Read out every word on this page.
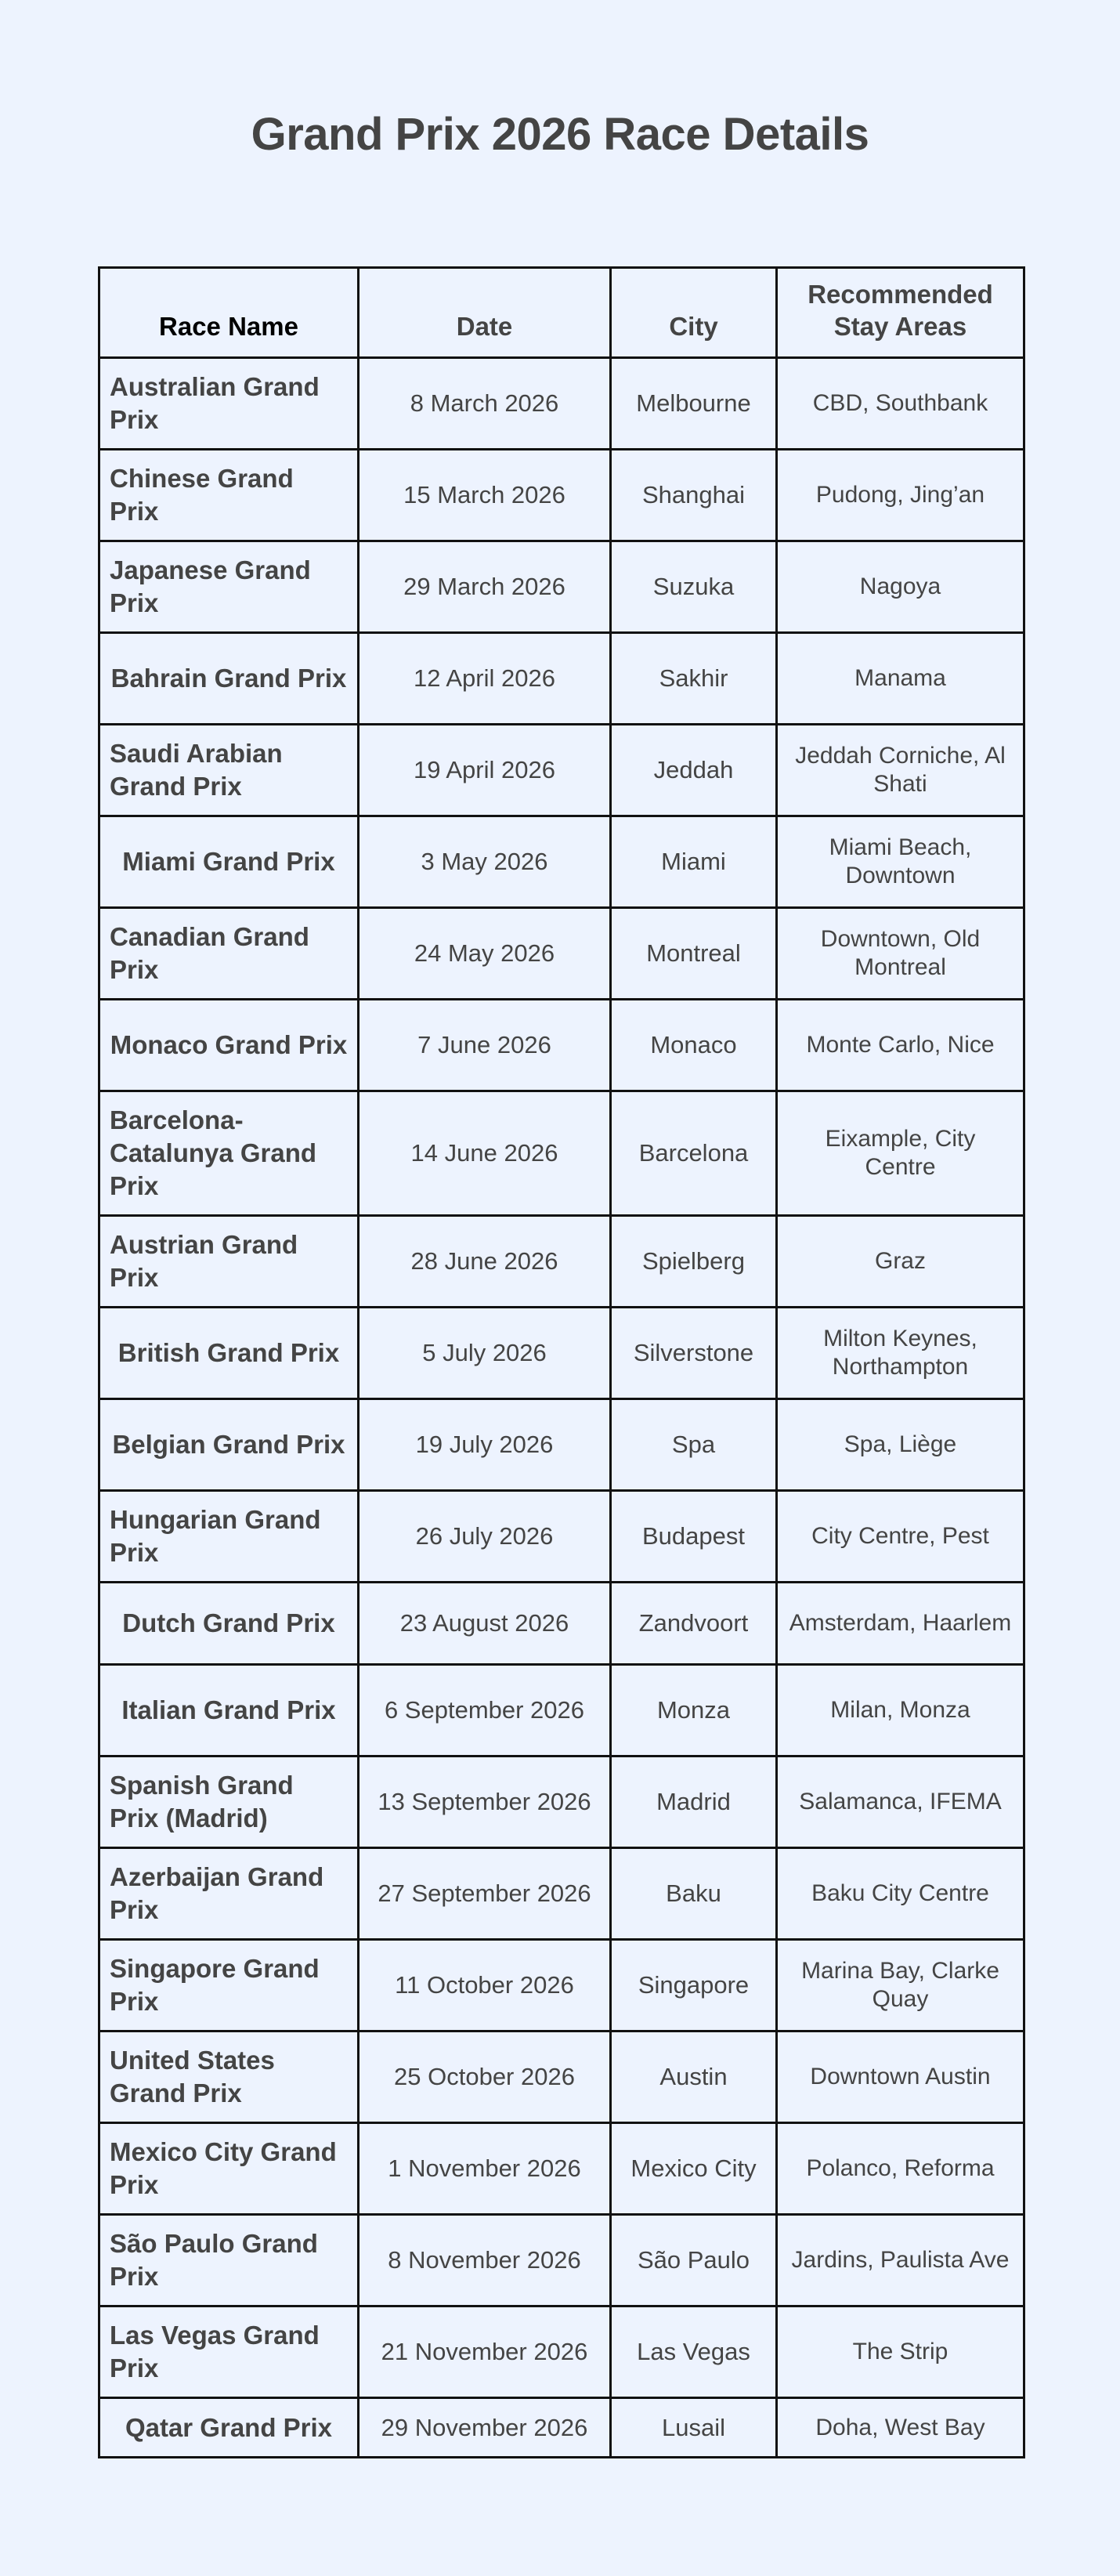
Grand Prix 2026 Race Details
Race Name	Date	City	Recommended Stay Areas
Australian Grand Prix	8 March 2026	Melbourne	CBD, Southbank
Chinese Grand Prix	15 March 2026	Shanghai	Pudong, Jing’an
Japanese Grand Prix	29 March 2026	Suzuka	Nagoya
Bahrain Grand Prix	12 April 2026	Sakhir	Manama
Saudi Arabian Grand Prix	19 April 2026	Jeddah	Jeddah Corniche, Al Shati
Miami Grand Prix	3 May 2026	Miami	Miami Beach, Downtown
Canadian Grand Prix	24 May 2026	Montreal	Downtown, Old Montreal
Monaco Grand Prix	7 June 2026	Monaco	Monte Carlo, Nice
Barcelona-Catalunya Grand Prix	14 June 2026	Barcelona	Eixample, City Centre
Austrian Grand Prix	28 June 2026	Spielberg	Graz
British Grand Prix	5 July 2026	Silverstone	Milton Keynes, Northampton
Belgian Grand Prix	19 July 2026	Spa	Spa, Liège
Hungarian Grand Prix	26 July 2026	Budapest	City Centre, Pest
Dutch Grand Prix	23 August 2026	Zandvoort	Amsterdam, Haarlem
Italian Grand Prix	6 September 2026	Monza	Milan, Monza
Spanish Grand Prix (Madrid)	13 September 2026	Madrid	Salamanca, IFEMA
Azerbaijan Grand Prix	27 September 2026	Baku	Baku City Centre
Singapore Grand Prix	11 October 2026	Singapore	Marina Bay, Clarke Quay
United States Grand Prix	25 October 2026	Austin	Downtown Austin
Mexico City Grand Prix	1 November 2026	Mexico City	Polanco, Reforma
São Paulo Grand Prix	8 November 2026	São Paulo	Jardins, Paulista Ave
Las Vegas Grand Prix	21 November 2026	Las Vegas	The Strip
Qatar Grand Prix	29 November 2026	Lusail	Doha, West Bay
